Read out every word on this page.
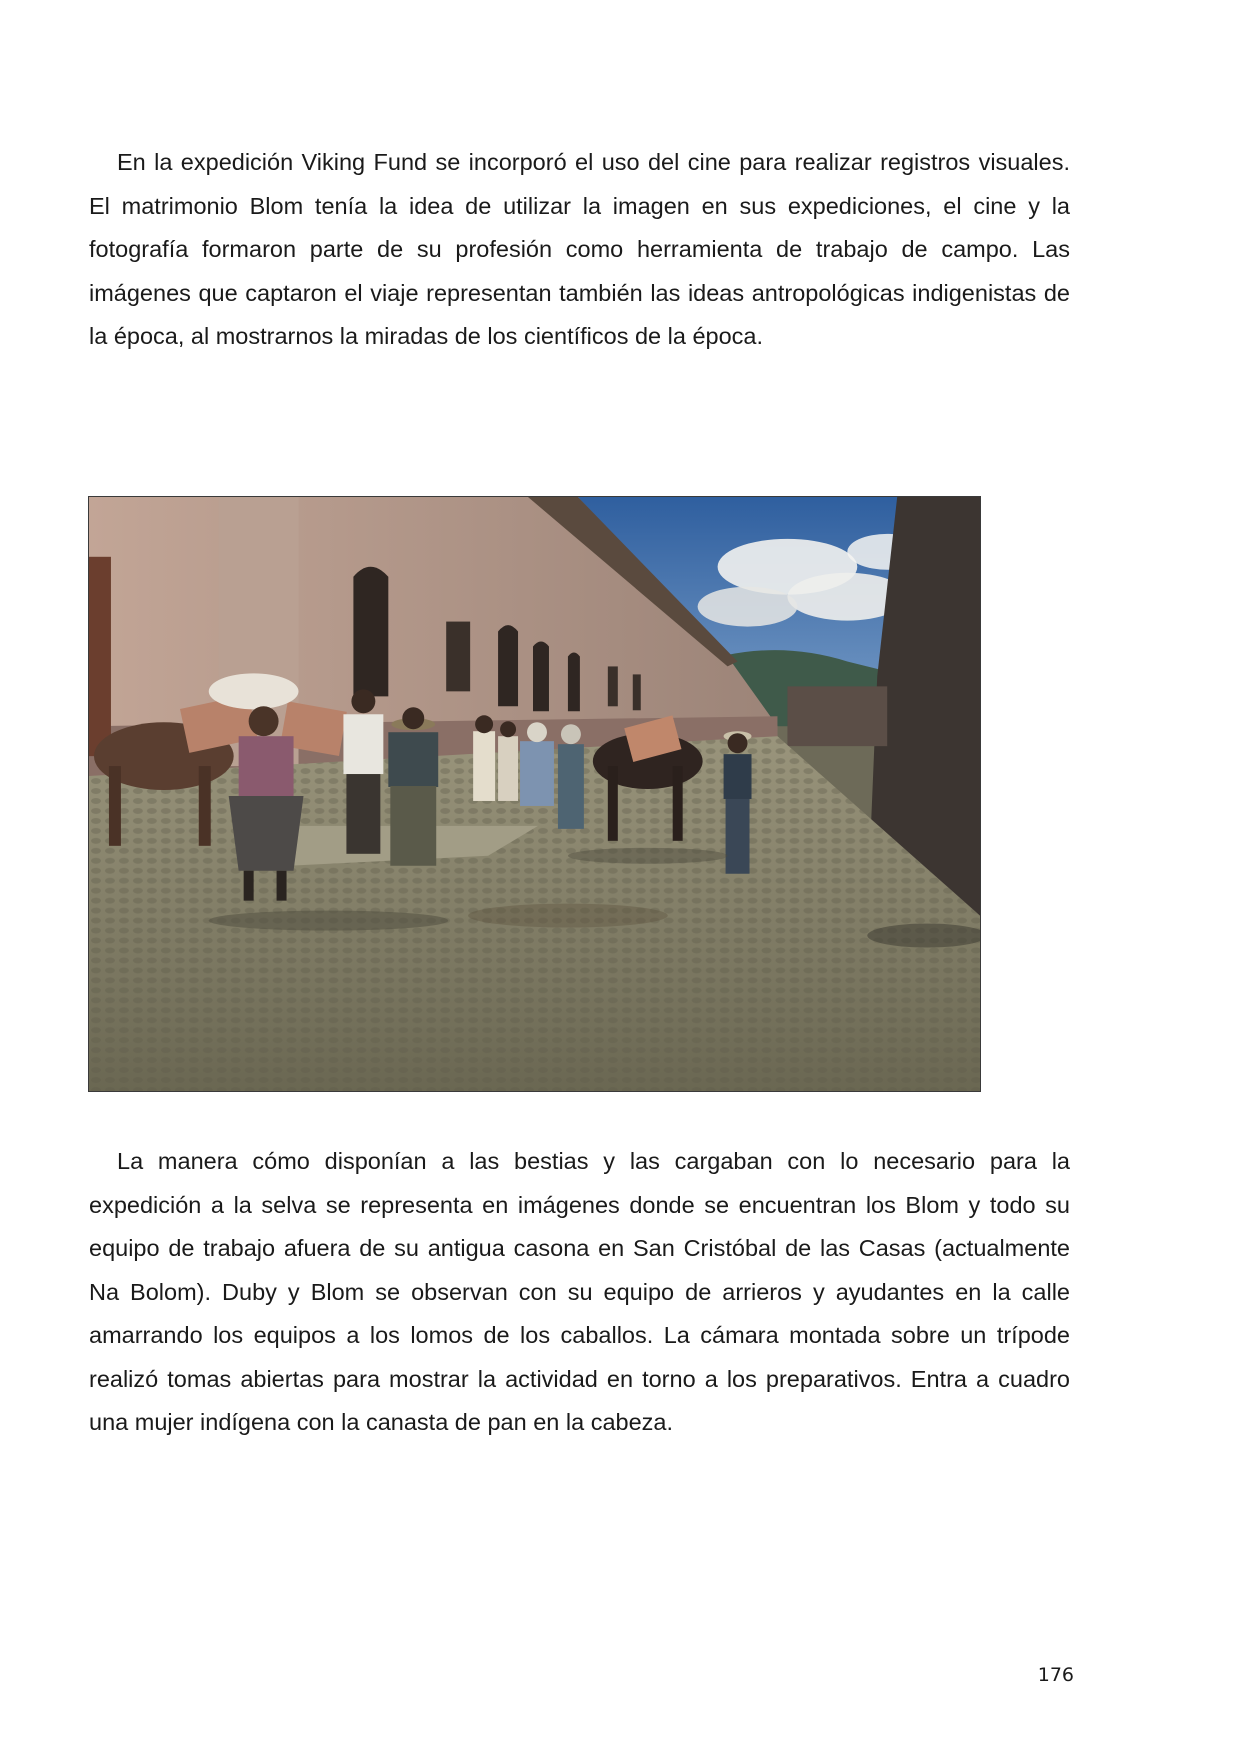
En la expedición Viking Fund se incorporó el uso del cine para realizar registros visuales. El matrimonio Blom tenía la idea de utilizar la imagen en sus expediciones, el cine y la fotografía formaron parte de su profesión como herramienta de trabajo de campo. Las imágenes que captaron el viaje representan también las ideas antropológicas indigenistas de la época, al mostrarnos la miradas de los científicos de la época.

La manera cómo disponían a las bestias y las cargaban con lo necesario para la expedición a la selva se representa en imágenes donde se encuentran los Blom y todo su equipo de trabajo afuera de su antigua casona en San Cristóbal de las Casas (actualmente Na Bolom). Duby y Blom se observan con su equipo de arrieros y ayudantes en la calle amarrando los equipos a los lomos de los caballos. La cámara montada sobre un trípode realizó tomas abiertas para mostrar la actividad en torno a los preparativos. Entra a cuadro una mujer indígena con la canasta de pan en la cabeza.

176
